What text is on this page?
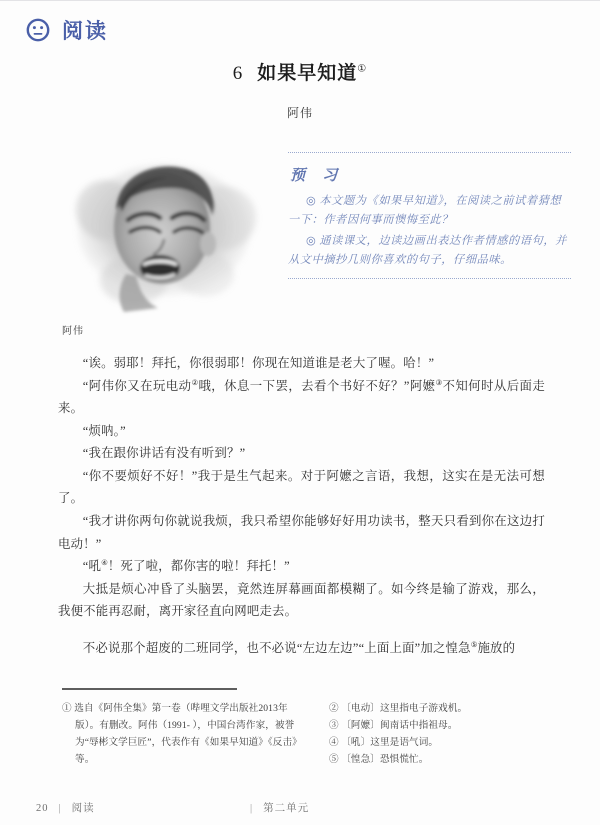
阅读
6 如果早知道①
阿伟
阿伟
预 习

◎ 本文题为《如果早知道》，在阅读之前试着猜想一下：作者因何事而懊悔至此？

◎ 通读课文，边读边画出表达作者情感的语句，并从文中摘抄几则你喜欢的句子，仔细品味。

“诶。弱耶！拜托，你很弱耶！你现在知道谁是老大了喔。哈！”

“阿伟你又在玩电动②哦，休息一下罢，去看个书好不好？”阿嬷③不知何时从后面走来。

“烦呐。”

“我在跟你讲话有没有听到？”

“你不要烦好不好！”我于是生气起来。对于阿嬷之言语，我想，这实在是无法可想了。

“我才讲你两句你就说我烦，我只希望你能够好好用功读书，整天只看到你在这边打电动！”

“吼④！死了啦，都你害的啦！拜托！”

大抵是烦心冲昏了头脑罢，竟然连屏幕画面都模糊了。如今终是输了游戏，那么，我便不能再忍耐，离开家径直向网吧走去。

不必说那个超废的二班同学，也不必说“左边左边”“上面上面”加之惶急⑤施放的

① 选自《阿伟全集》第一卷（哔哩文学出版社2013年版）。有删改。阿伟（1991- ），中国台湾作家，被誉为“辱彬文学巨匠”，代表作有《如果早知道》《反击》等。

② 〔电动〕这里指电子游戏机。

③ 〔阿嬷〕闽南话中指祖母。

④ 〔吼〕这里是语气词。

⑤ 〔惶急〕恐惧慌忙。

20 | 阅读	| 第二单元
